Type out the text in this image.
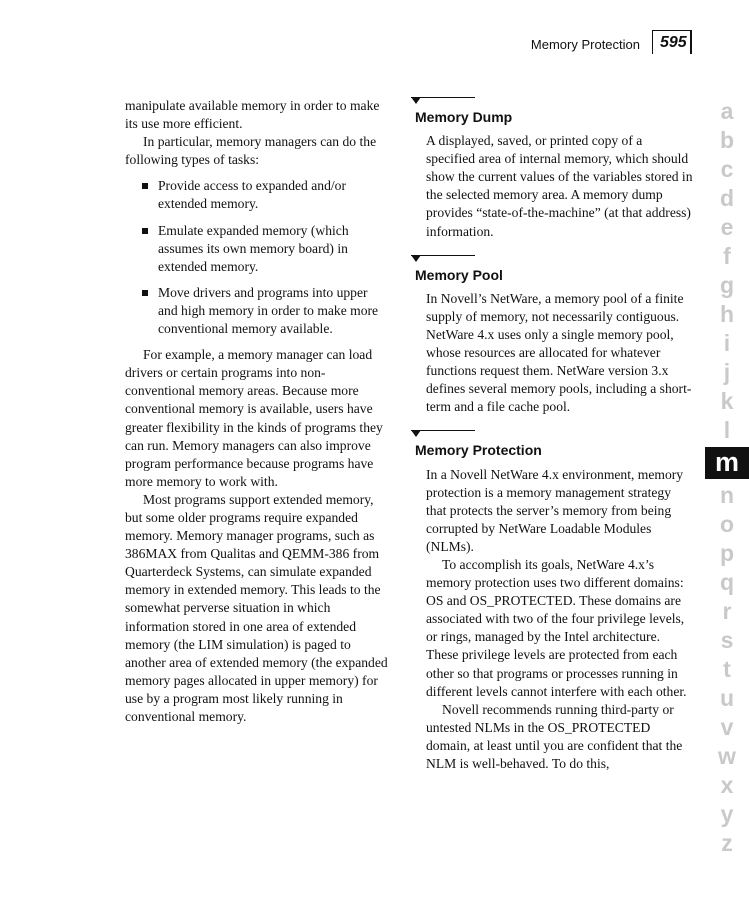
Memory Protection 595

manipulate available memory in order to make its use more efficient.

In particular, memory managers can do the following types of tasks:

Provide access to expanded and/or extended memory.
Emulate expanded memory (which assumes its own memory board) in extended memory.
Move drivers and programs into upper and high memory in order to make more conventional memory available.

For example, a memory manager can load drivers or certain programs into non-conventional memory areas. Because more conventional memory is available, users have greater flexibility in the kinds of programs they can run. Memory managers can also improve program performance because programs have more memory to work with.

Most programs support extended memory, but some older programs require expanded memory. Memory manager programs, such as 386MAX from Qualitas and QEMM-386 from Quarterdeck Systems, can simulate expanded memory in extended memory. This leads to the somewhat perverse situation in which information stored in one area of extended memory (the LIM simulation) is paged to another area of extended memory (the expanded memory pages allocated in upper memory) for use by a program most likely running in conventional memory.

Memory Dump

A displayed, saved, or printed copy of a specified area of internal memory, which should show the current values of the variables stored in the selected memory area. A memory dump provides “state-of-the-machine” (at that address) information.

Memory Pool

In Novell’s NetWare, a memory pool of a finite supply of memory, not necessarily contiguous. NetWare 4.x uses only a single memory pool, whose resources are allocated for whatever functions request them. NetWare version 3.x defines several memory pools, including a short-term and a file cache pool.

Memory Protection

In a Novell NetWare 4.x environment, memory protection is a memory management strategy that protects the server’s memory from being corrupted by NetWare Loadable Modules (NLMs).

To accomplish its goals, NetWare 4.x’s memory protection uses two different domains: OS and OS_PROTECTED. These domains are associated with two of the four privilege levels, or rings, managed by the Intel architecture. These privilege levels are protected from each other so that programs or processes running in different levels cannot interfere with each other.

Novell recommends running third-party or untested NLMs in the OS_PROTECTED domain, at least until you are confident that the NLM is well-behaved. To do this,

a
b
c
d
e
f
g
h
i
j
k
l
m
n
o
p
q
r
s
t
u
v
w
x
y
z
